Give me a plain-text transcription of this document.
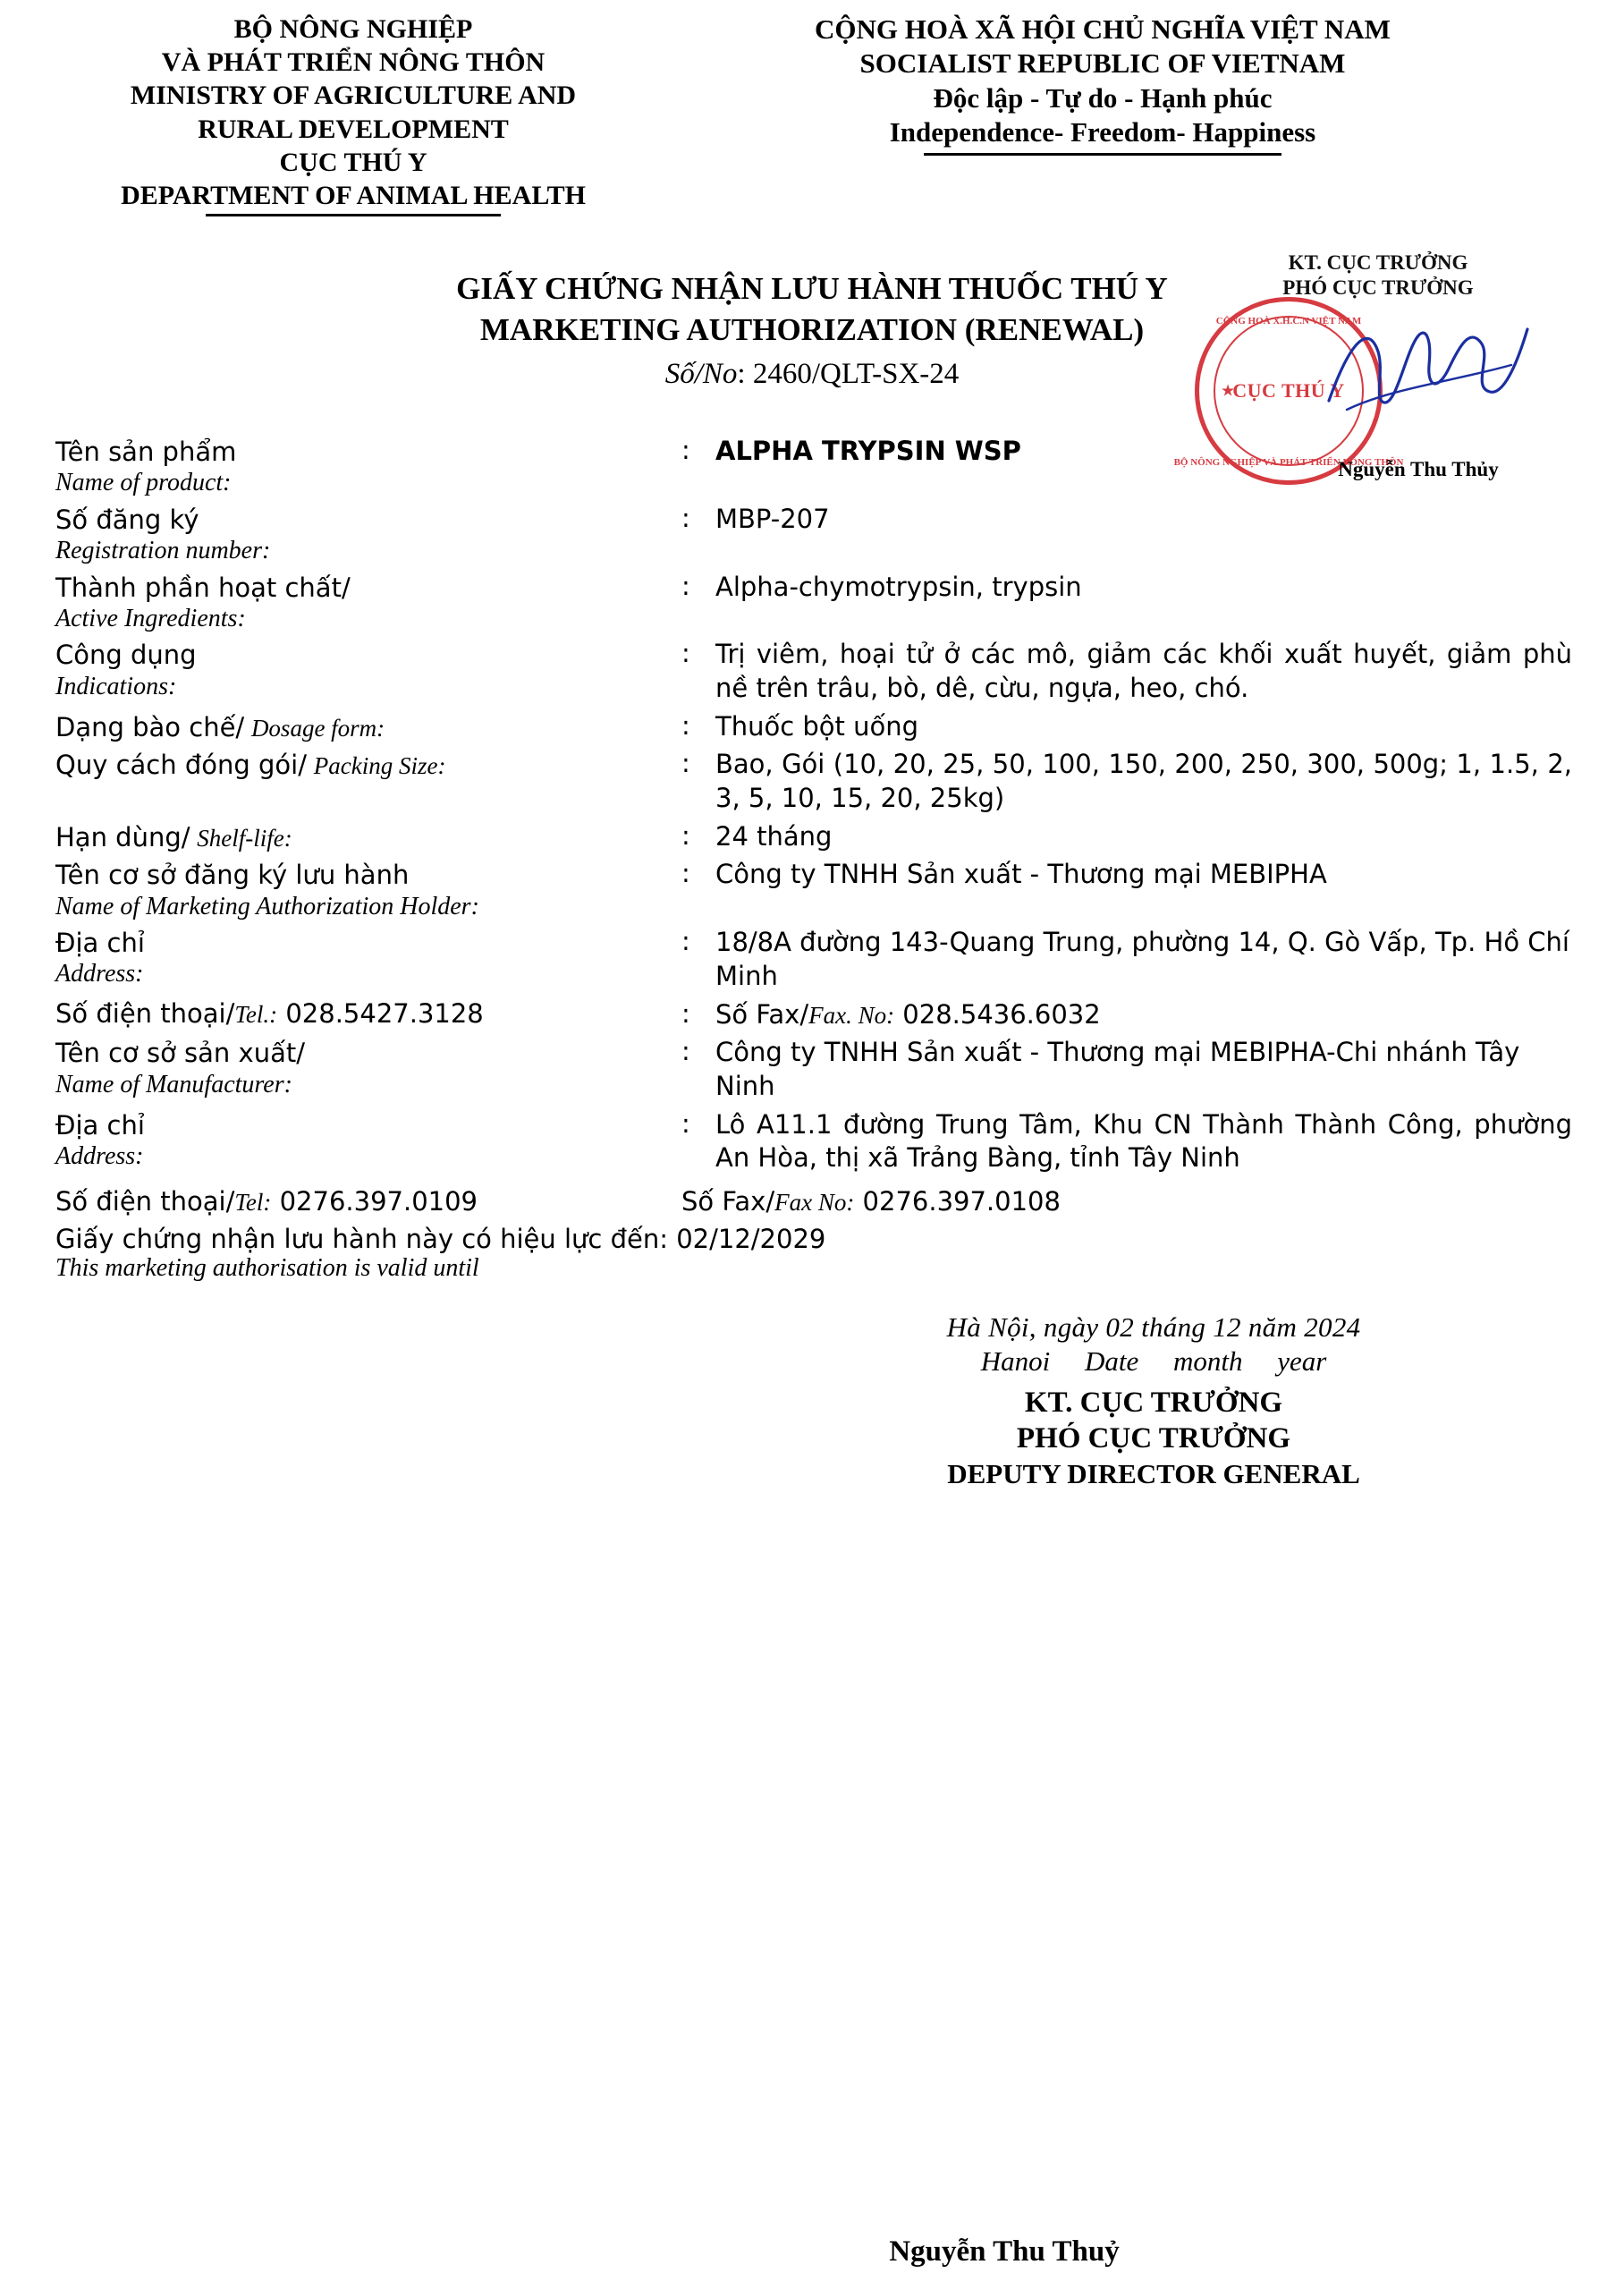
BỘ NÔNG NGHIỆP
VÀ PHÁT TRIỂN NÔNG THÔN
MINISTRY OF AGRICULTURE AND
RURAL DEVELOPMENT
CỤC THÚ Y
DEPARTMENT OF ANIMAL HEALTH
CỘNG HOÀ XÃ HỘI CHỦ NGHĨA VIỆT NAM
SOCIALIST REPUBLIC OF VIETNAM
Độc lập - Tự do - Hạnh phúc
Independence- Freedom- Happiness
GIẤY CHỨNG NHẬN LƯU HÀNH THUỐC THÚ Y
MARKETING AUTHORIZATION (RENEWAL)
Số/No: 2460/QLT-SX-24
KT. CỤC TRƯỞNG
PHÓ CỤC TRƯỞNG
CỘNG HOÀ X.H.C.N VIỆT NAM
★
CỤC THÚ Y
BỘ NÔNG NGHIỆP VÀ PHÁT TRIỂN NÔNG THÔN
Nguyễn Thu Thủy
Tên sản phẩm
Name of product:
: ALPHA TRYPSIN WSP
Số đăng ký
Registration number:
: MBP-207
Thành phần hoạt chất/
Active Ingredients:
: Alpha-chymotrypsin, trypsin
Công dụng
Indications:
: Trị viêm, hoại tử ở các mô, giảm các khối xuất huyết, giảm phù nề trên trâu, bò, dê, cừu, ngựa, heo, chó.
Dạng bào chế/ Dosage form:	: Thuốc bột uống
Quy cách đóng gói/ Packing Size:	: Bao, Gói (10, 20, 25, 50, 100, 150, 200, 250, 300, 500g; 1, 1.5, 2, 3, 5, 10, 15, 20, 25kg)
Hạn dùng/ Shelf-life:	: 24 tháng
Tên cơ sở đăng ký lưu hành
Name of Marketing Authorization Holder:
: Công ty TNHH Sản xuất - Thương mại MEBIPHA
Địa chỉ
Address:
: 18/8A đường 143-Quang Trung, phường 14, Q. Gò Vấp, Tp. Hồ Chí Minh
Số điện thoại/Tel.: 028.5427.3128	: Số Fax/Fax. No: 028.5436.6032
Tên cơ sở sản xuất/
Name of Manufacturer:
: Công ty TNHH Sản xuất - Thương mại MEBIPHA-Chi nhánh Tây Ninh
Địa chỉ
Address:
: Lô A11.1 đường Trung Tâm, Khu CN Thành Thành Công, phường An Hòa, thị xã Trảng Bàng, tỉnh Tây Ninh
Số điện thoại/Tel: 0276.397.0109	Số Fax/Fax No: 0276.397.0108
Giấy chứng nhận lưu hành này có hiệu lực đến: 02/12/2029
This marketing authorisation is valid until
Hà Nội, ngày 02 tháng 12 năm 2024
Hanoi Date month year
KT. CỤC TRƯỞNG
PHÓ CỤC TRƯỞNG
DEPUTY DIRECTOR GENERAL
Nguyễn Thu Thuỷ
